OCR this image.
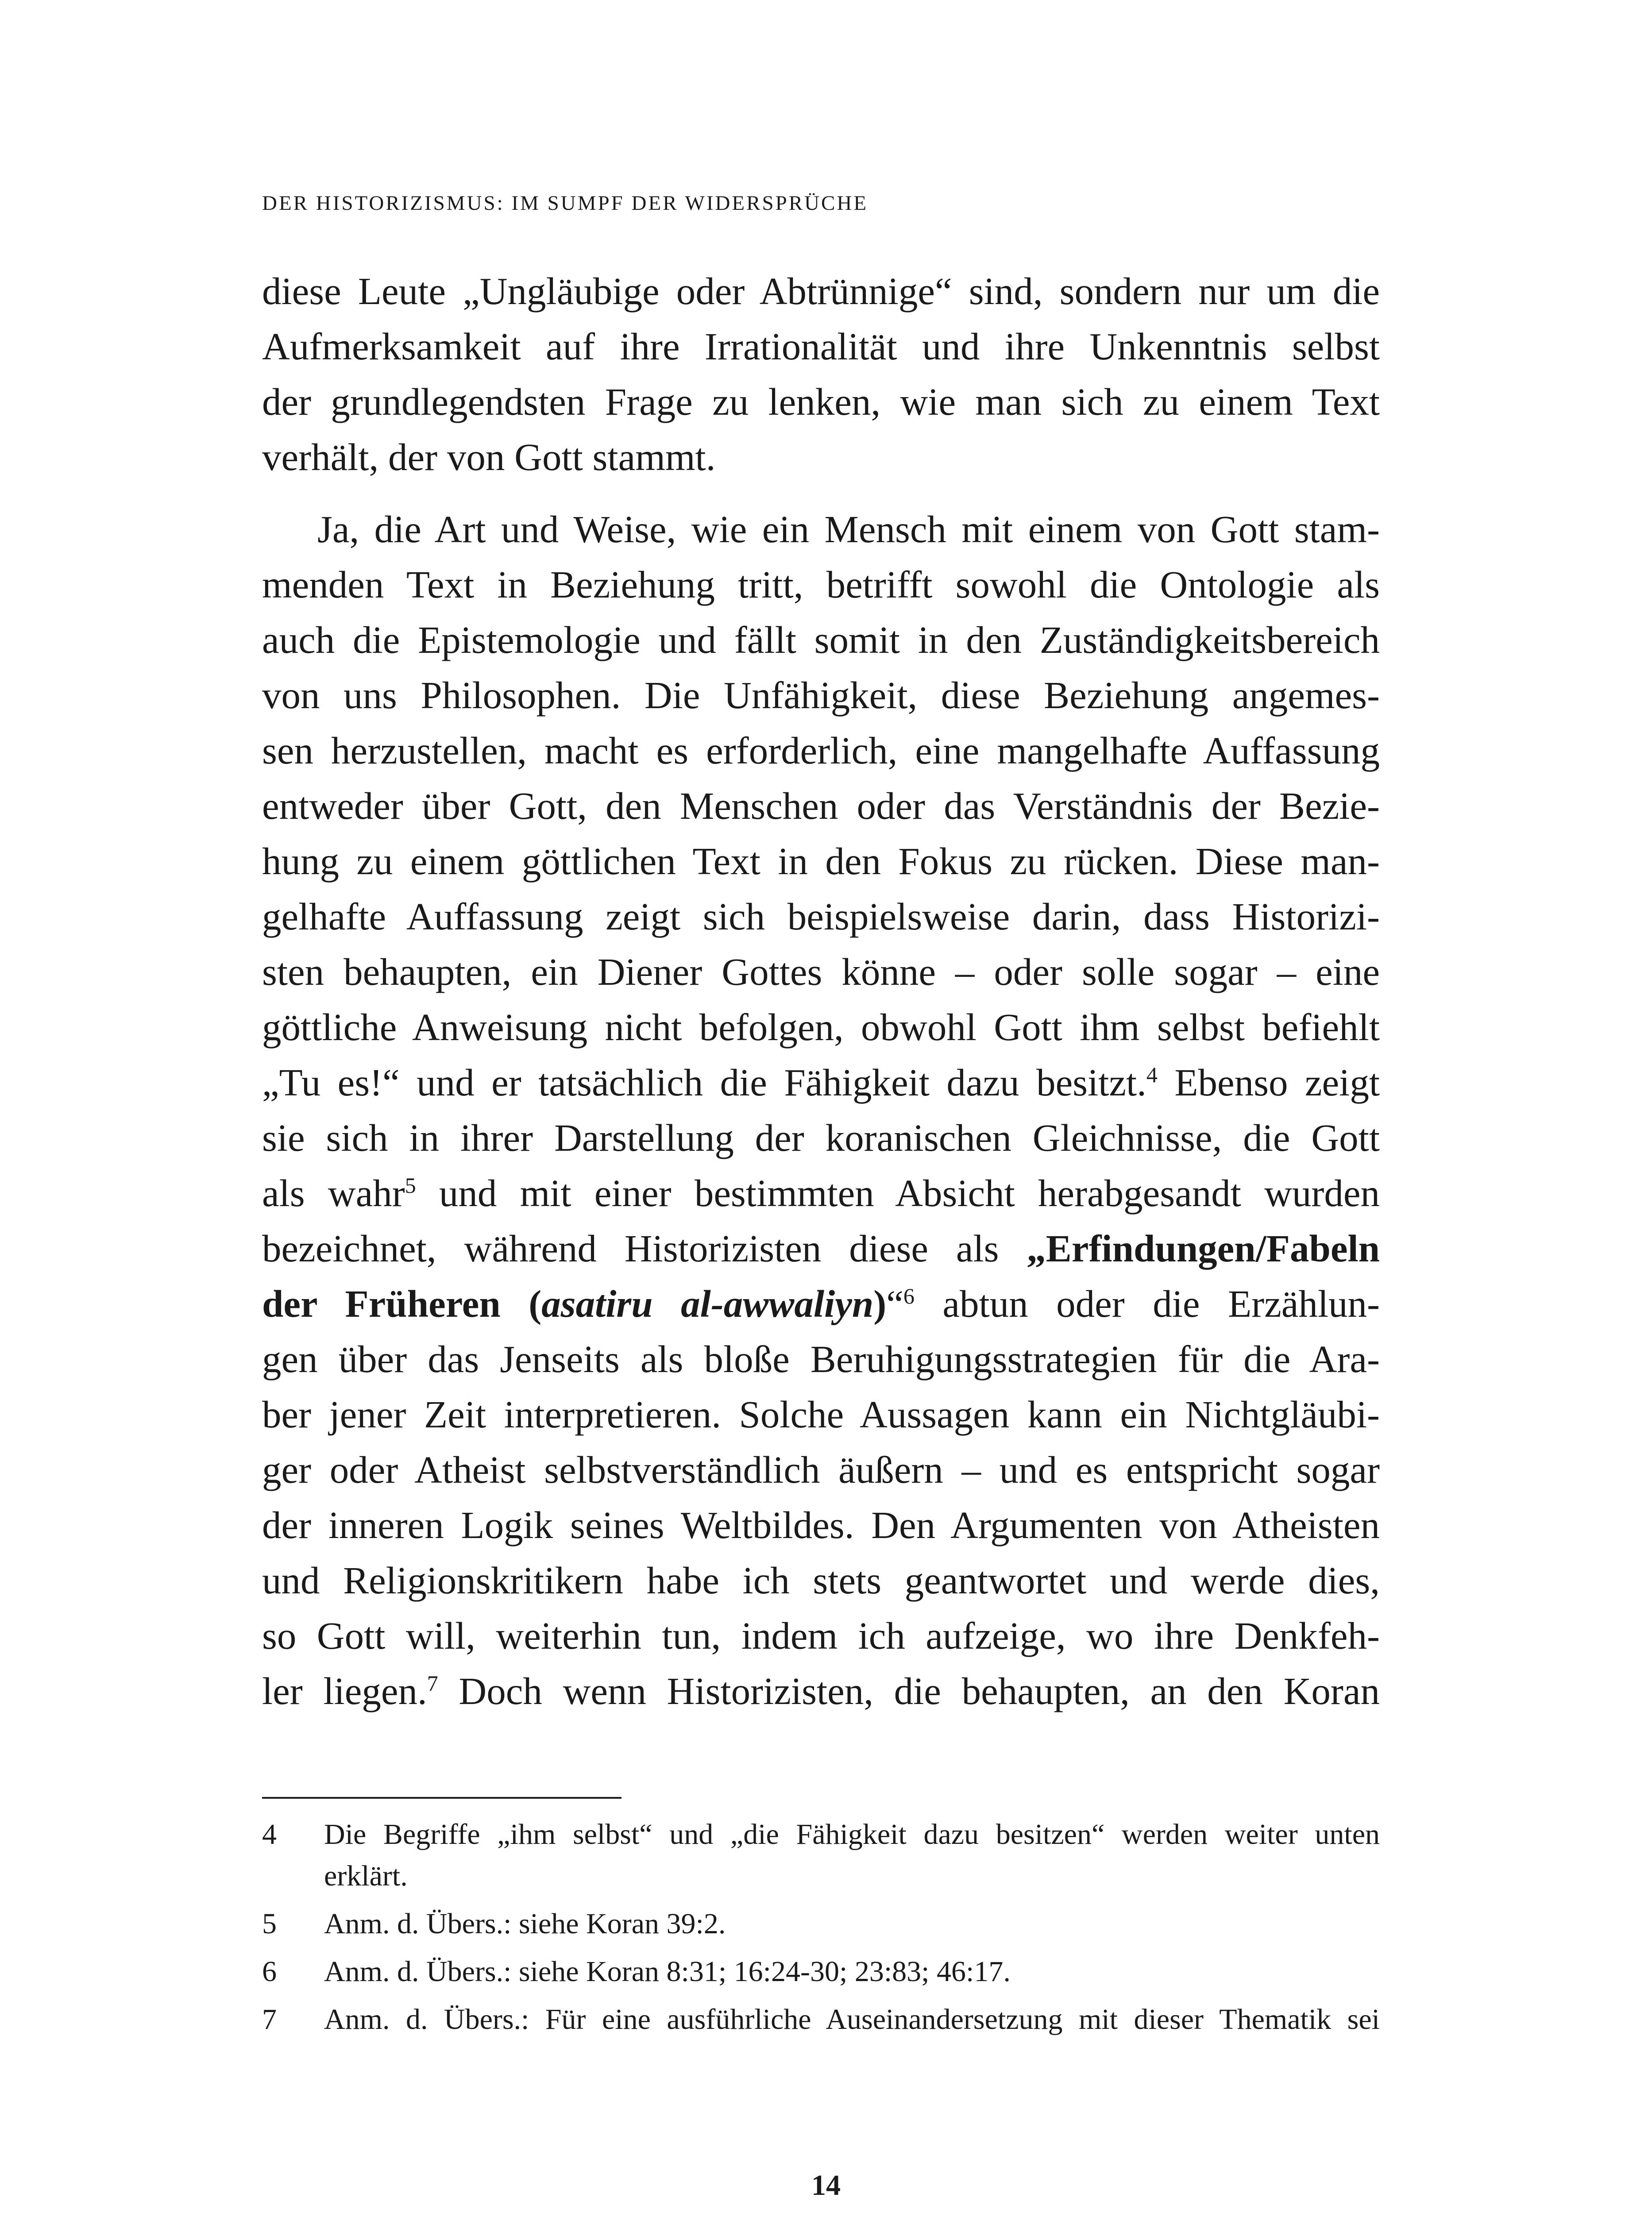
DER HISTORIZISMUS: IM SUMPF DER WIDERSPRÜCHE
diese Leute „Ungläubige oder Abtrünnige“ sind, sondern nur um die
Aufmerksamkeit auf ihre Irrationalität und ihre Unkenntnis selbst
der grundlegendsten Frage zu lenken, wie man sich zu einem Text
verhält, der von Gott stammt.
Ja, die Art und Weise, wie ein Mensch mit einem von Gott stam-
menden Text in Beziehung tritt, betrifft sowohl die Ontologie als
auch die Epistemologie und fällt somit in den Zuständigkeitsbereich
von uns Philosophen. Die Unfähigkeit, diese Beziehung angemes-
sen herzustellen, macht es erforderlich, eine mangelhafte Auffassung
entweder über Gott, den Menschen oder das Verständnis der Bezie-
hung zu einem göttlichen Text in den Fokus zu rücken. Diese man-
gelhafte Auffassung zeigt sich beispielsweise darin, dass Historizi-
sten behaupten, ein Diener Gottes könne – oder solle sogar – eine
göttliche Anweisung nicht befolgen, obwohl Gott ihm selbst befiehlt
„Tu es!“ und er tatsächlich die Fähigkeit dazu besitzt.$^4$ Ebenso zeigt
sie sich in ihrer Darstellung der koranischen Gleichnisse, die Gott
als wahr$^5$ und mit einer bestimmten Absicht herabgesandt wurden
bezeichnet, während Historizisten diese als „Erfindungen/Fabeln
der Früheren (asatiru al-awwaliyn)“$^6$ abtun oder die Erzählun-
gen über das Jenseits als bloße Beruhigungsstrategien für die Ara-
ber jener Zeit interpretieren. Solche Aussagen kann ein Nichtgläubi-
ger oder Atheist selbstverständlich äußern – und es entspricht sogar
der inneren Logik seines Weltbildes. Den Argumenten von Atheisten
und Religionskritikern habe ich stets geantwortet und werde dies,
so Gott will, weiterhin tun, indem ich aufzeige, wo ihre Denkfeh-
ler liegen.$^7$ Doch wenn Historizisten, die behaupten, an den Koran
4	Die Begriffe „ihm selbst“ und „die Fähigkeit dazu besitzen“ werden weiter unten
erklärt.
5	Anm. d. Übers.: siehe Koran 39:2.
6	Anm. d. Übers.: siehe Koran 8:31; 16:24-30; 23:83; 46:17.
7	Anm. d. Übers.: Für eine ausführliche Auseinandersetzung mit dieser Thematik sei
14
